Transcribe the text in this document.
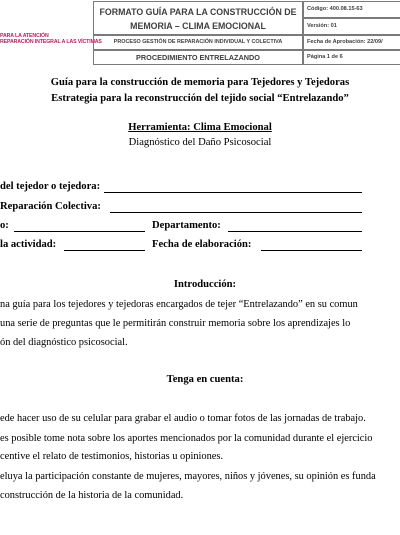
PARA LA ATENCIÓN
REPARACIÓN INTEGRAL A LAS VÍCTIMAS
FORMATO GUÍA PARA LA CONSTRUCCIÓN DE MEMORIA – CLIMA EMOCIONAL
PROCESO GESTIÓN DE REPARACIÓN INDIVIDUAL Y COLECTIVA
PROCEDIMIENTO ENTRELAZANDO
Código: 400.08.15-63
Versión: 01
Fecha de Aprobación: 22/09/
Página 1 de 6
Guía para la construcción de memoria para Tejedores y Tejedoras
Estrategia para la reconstrucción del tejido social “Entrelazando”
Herramienta: Clima Emocional
Diagnóstico del Daño Psicosocial
del tejedor o tejedora:
Reparación Colectiva:
o:	Departamento:
la actividad:	Fecha de elaboración:
Introducción:
na guía para los tejedores y tejedoras encargados de tejer “Entrelazando” en su comun
una serie de preguntas que le permitirán construir memoria sobre los aprendizajes lo
ón del diagnóstico psicosocial.
Tenga en cuenta:
ede hacer uso de su celular para grabar el audio o tomar fotos de las jornadas de trabajo.
es posible tome nota sobre los aportes mencionados por la comunidad durante el ejercicio
centive el relato de testimonios, historias u opiniones.
eluya la participación constante de mujeres, mayores, niños y jóvenes, su opinión es funda
construcción de la historia de la comunidad.
